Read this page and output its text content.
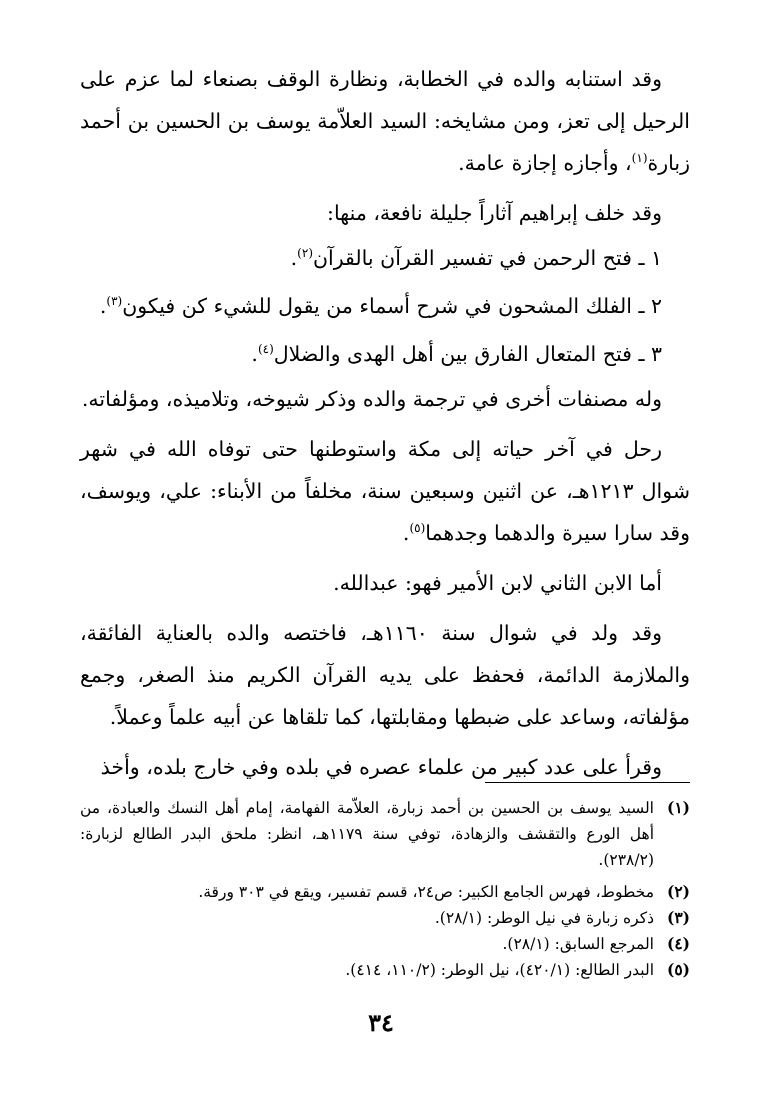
وقد استنابه والده في الخطابة، ونظارة الوقف بصنعاء لما عزم على الرحيل إلى تعز، ومن مشايخه: السيد العلاّمة يوسف بن الحسين بن أحمد زبارة$^{(١)}$، وأجازه إجازة عامة.

وقد خلف إبراهيم آثاراً جليلة نافعة، منها:

١ ـ فتح الرحمن في تفسير القرآن بالقرآن$^{(٢)}$.

٢ ـ الفلك المشحون في شرح أسماء من يقول للشيء كن فيكون$^{(٣)}$.

٣ ـ فتح المتعال الفارق بين أهل الهدى والضلال$^{(٤)}$.

وله مصنفات أخرى في ترجمة والده وذكر شيوخه، وتلاميذه، ومؤلفاته.

رحل في آخر حياته إلى مكة واستوطنها حتى توفاه الله في شهر شوال ١٢١٣هـ، عن اثنين وسبعين سنة، مخلفاً من الأبناء: علي، ويوسف، وقد سارا سيرة والدهما وجدهما$^{(٥)}$.

أما الابن الثاني لابن الأمير فهو: عبدالله.

وقد ولد في شوال سنة ١١٦٠هـ، فاختصه والده بالعناية الفائقة، والملازمة الدائمة، فحفظ على يديه القرآن الكريم منذ الصغر، وجمع مؤلفاته، وساعد على ضبطها ومقابلتها، كما تلقاها عن أبيه علماً وعملاً.

وقرأ على عدد كبير من علماء عصره في بلده وفي خارج بلده، وأخذ

(١)
السيد يوسف بن الحسين بن أحمد زبارة، العلاّمة الفهامة، إمام أهل النسك والعبادة، من أهل الورع والتقشف والزهادة، توفي سنة ١١٧٩هـ، انظر: ملحق البدر الطالع لزبارة: (٢٣٨/٢).
(٢)
مخطوط، فهرس الجامع الكبير: ص٢٤، قسم تفسير، ويقع في ٣٠٣ ورقة.
(٣)
ذكره زبارة في نيل الوطر: (٢٨/١).
(٤)
المرجع السابق: (٢٨/١).
(٥)
البدر الطالع: (٤٢٠/١)، نيل الوطر: (١١٠/٢، ٤١٤).
٣٤
